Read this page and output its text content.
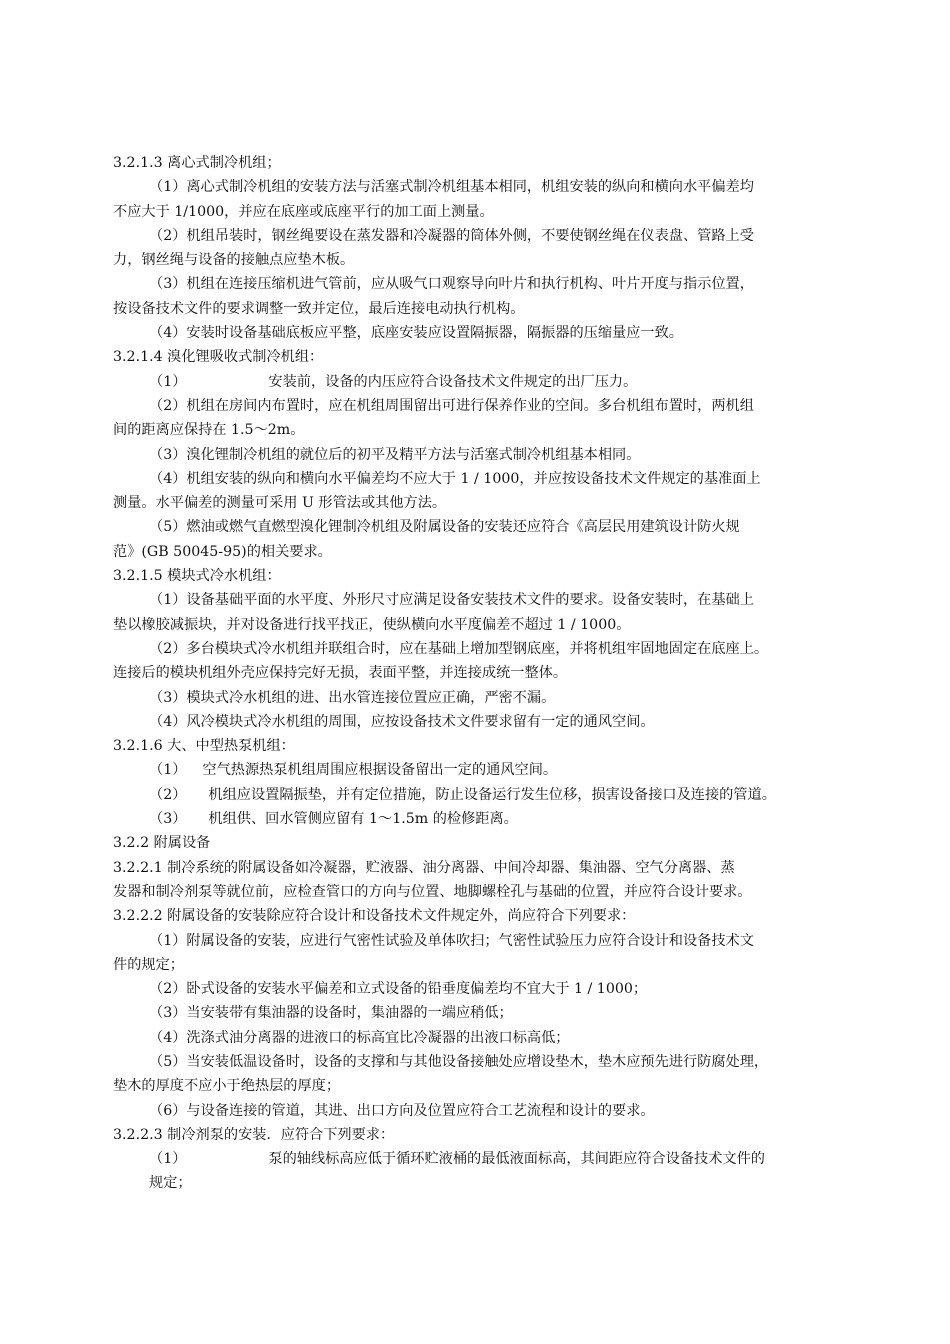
3.2.1.3 离心式制冷机组；
（1）离心式制冷机组的安装方法与活塞式制冷机组基本相同，机组安装的纵向和横向水平偏差均
不应大于 1/1000，并应在底座或底座平行的加工面上测量。
（2）机组吊装时，钢丝绳要设在蒸发器和冷凝器的筒体外侧，不要使钢丝绳在仪表盘、管路上受
力，钢丝绳与设备的接触点应垫木板。
（3）机组在连接压缩机进气管前，应从吸气口观察导向叶片和执行机构、叶片开度与指示位置，
按设备技术文件的要求调整一致并定位，最后连接电动执行机构。
（4）安装时设备基础底板应平整，底座安装应设置隔振器，隔振器的压缩量应一致。
3.2.1.4 溴化锂吸收式制冷机组：
（1）	安装前，设备的内压应符合设备技术文件规定的出厂压力。
（2）机组在房间内布置时，应在机组周围留出可进行保养作业的空间。多台机组布置时，两机组
间的距离应保持在 1.5～2m。
（3）溴化锂制冷机组的就位后的初平及精平方法与活塞式制冷机组基本相同。
（4）机组安装的纵向和横向水平偏差均不应大于 1 / 1000，并应按设备技术文件规定的基准面上
测量。水平偏差的测量可采用 U 形管法或其他方法。
（5）燃油或燃气直燃型溴化锂制冷机组及附属设备的安装还应符合《高层民用建筑设计防火规
范》(GB 50045-95)的相关要求。
3.2.1.5 模块式冷水机组：
（1）设备基础平面的水平度、外形尺寸应满足设备安装技术文件的要求。设备安装时，在基础上
垫以橡胶减振块，并对设备进行找平找正，使纵横向水平度偏差不超过 1 / 1000。
（2）多台模块式冷水机组并联组合时，应在基础上增加型钢底座，并将机组牢固地固定在底座上。
连接后的模块机组外壳应保持完好无损，表面平整，并连接成统一整体。
（3）模块式冷水机组的进、出水管连接位置应正确，严密不漏。
（4）风冷模块式冷水机组的周围，应按设备技术文件要求留有一定的通风空间。
3.2.1.6 大、中型热泵机组：
（1） 空气热源热泵机组周围应根据设备留出一定的通风空间。
（2） 机组应设置隔振垫，并有定位措施，防止设备运行发生位移，损害设备接口及连接的管道。
（3） 机组供、回水管侧应留有 1～1.5m 的检修距离。
3.2.2 附属设备
3.2.2.1 制冷系统的附属设备如冷凝器，贮液器、油分离器、中间冷却器、集油器、空气分离器、蒸
发器和制冷剂泵等就位前，应检查管口的方向与位置、地脚螺栓孔与基础的位置，并应符合设计要求。
3.2.2.2 附属设备的安装除应符合设计和设备技术文件规定外，尚应符合下列要求：
（1）附属设备的安装，应进行气密性试验及单体吹扫；气密性试验压力应符合设计和设备技术文
件的规定；
（2）卧式设备的安装水平偏差和立式设备的铅垂度偏差均不宜大于 1 / 1000；
（3）当安装带有集油器的设备时，集油器的一端应稍低；
（4）洗涤式油分离器的进液口的标高宜比冷凝器的出液口标高低；
（5）当安装低温设备时，设备的支撑和与其他设备接触处应增设垫木，垫木应预先进行防腐处理，
垫木的厚度不应小于绝热层的厚度；
（6）与设备连接的管道，其进、出口方向及位置应符合工艺流程和设计的要求。
3.2.2.3 制冷剂泵的安装．应符合下列要求：
（1）	泵的轴线标高应低于循环贮液桶的最低液面标高，其间距应符合设备技术文件的
规定；
